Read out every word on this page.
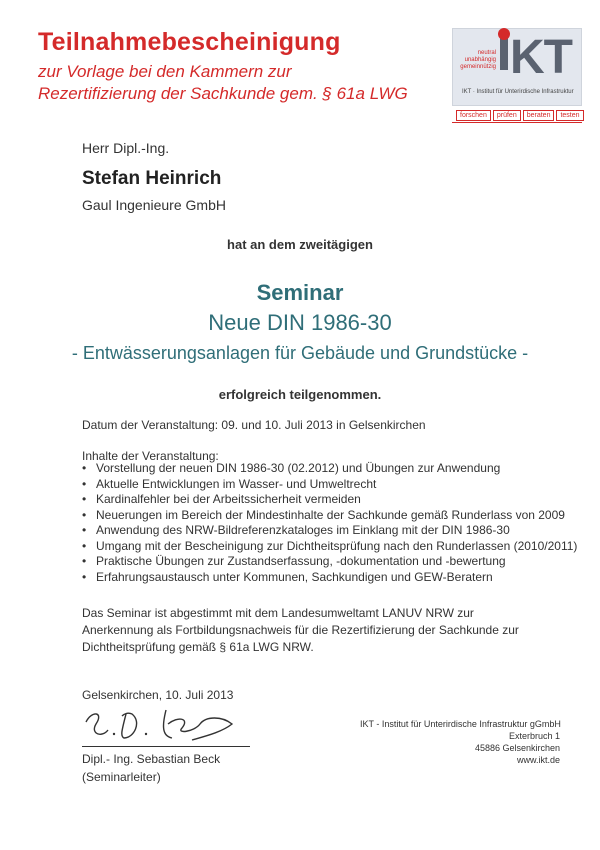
Teilnahmebescheinigung
zur Vorlage bei den Kammern zur
Rezertifizierung der Sachkunde gem. § 61a LWG
KT
neutral
unabhängig
gemeinnützig
IKT · Institut für Unterirdische Infrastruktur
forschen	prüfen	beraten	testen
Herr Dipl.-Ing.
Stefan Heinrich
Gaul Ingenieure GmbH
hat an dem zweitägigen
Seminar
Neue DIN 1986-30
- Entwässerungsanlagen für Gebäude und Grundstücke -
erfolgreich teilgenommen.
Datum der Veranstaltung: 09. und 10. Juli 2013 in Gelsenkirchen
Inhalte der Veranstaltung:
• Vorstellung der neuen DIN 1986-30 (02.2012) und Übungen zur Anwendung
• Aktuelle Entwicklungen im Wasser- und Umweltrecht
• Kardinalfehler bei der Arbeitssicherheit vermeiden
• Neuerungen im Bereich der Mindestinhalte der Sachkunde gemäß Runderlass von 2009
• Anwendung des NRW-Bildreferenzkataloges im Einklang mit der DIN 1986-30
• Umgang mit der Bescheinigung zur Dichtheitsprüfung nach den Runderlassen (2010/2011)
• Praktische Übungen zur Zustandserfassung, -dokumentation und -bewertung
• Erfahrungsaustausch unter Kommunen, Sachkundigen und GEW-Beratern
Das Seminar ist abgestimmt mit dem Landesumweltamt LANUV NRW zur Anerkennung als Fortbildungsnachweis für die Rezertifizierung der Sachkunde zur Dichtheitsprüfung gemäß § 61a LWG NRW.
Gelsenkirchen, 10. Juli 2013
Dipl.- Ing. Sebastian Beck
(Seminarleiter)
IKT - Institut für Unterirdische Infrastruktur gGmbH
Exterbruch 1
45886 Gelsenkirchen
www.ikt.de
